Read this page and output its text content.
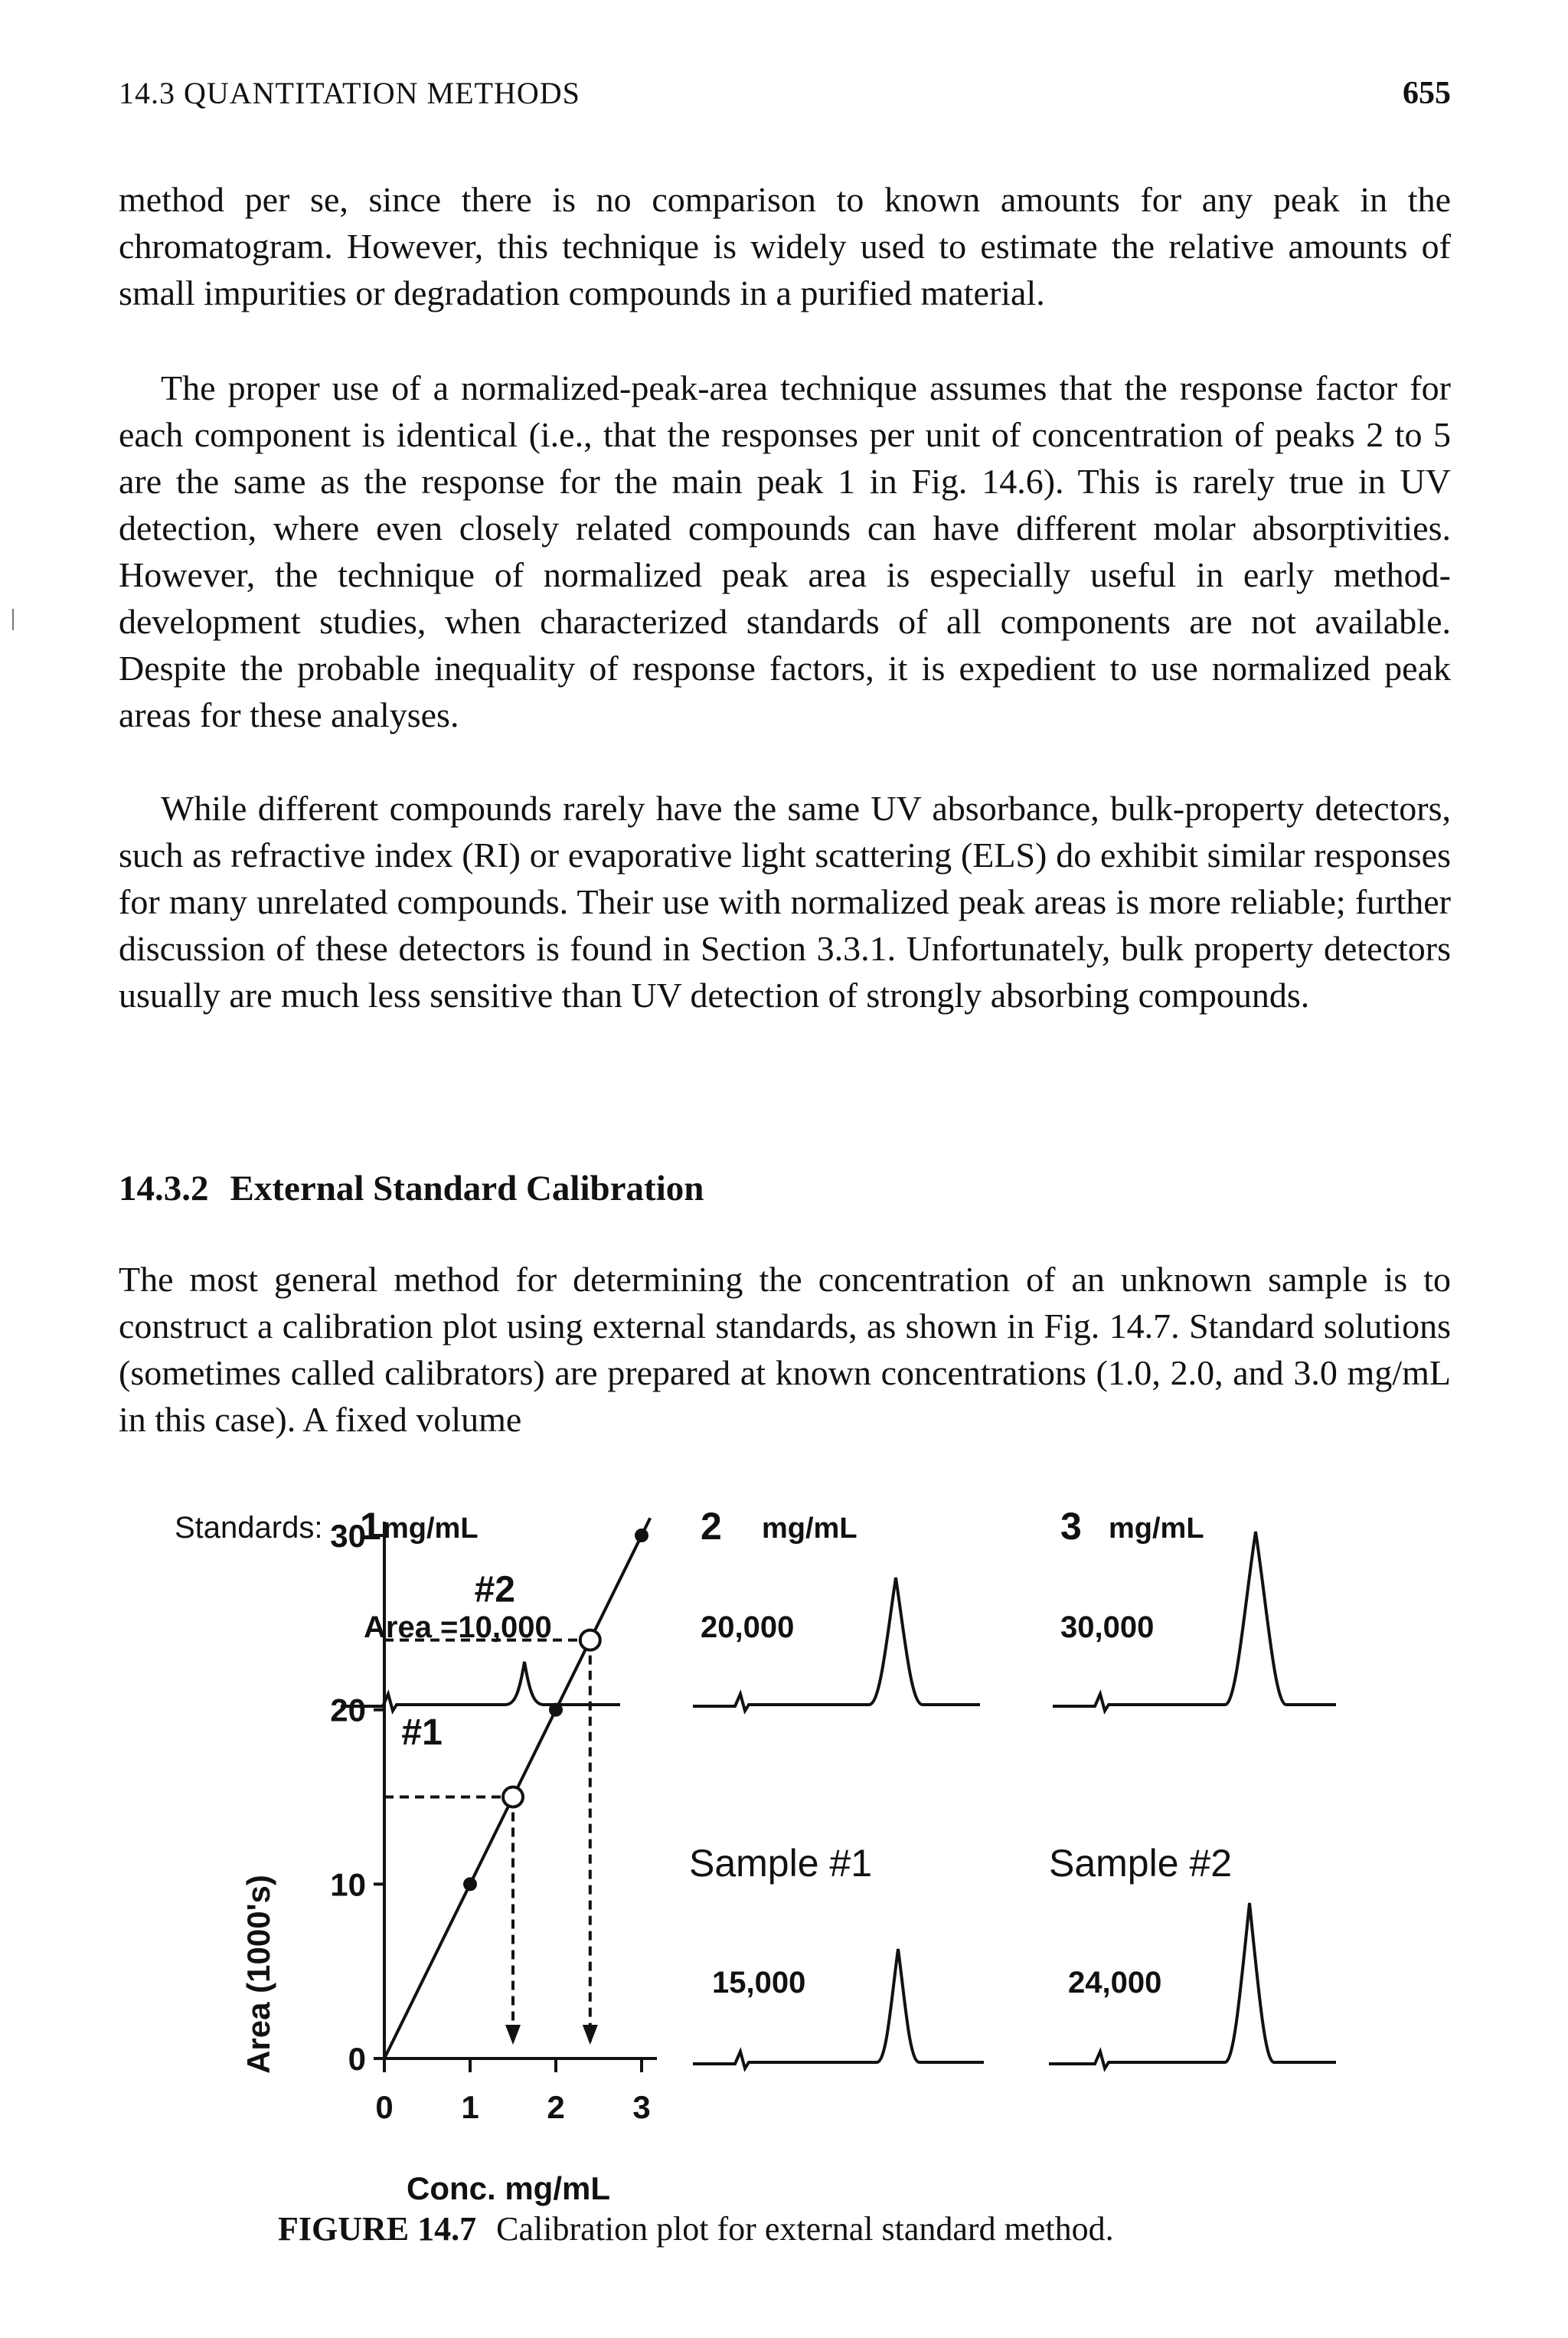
14.3 QUANTITATION METHODS	655

method per se, since there is no comparison to known amounts for any peak in the chromatogram. However, this technique is widely used to estimate the relative amounts of small impurities or degradation compounds in a purified material.

The proper use of a normalized-peak-area technique assumes that the response factor for each component is identical (i.e., that the responses per unit of concentration of peaks 2 to 5 are the same as the response for the main peak 1 in Fig. 14.6). This is rarely true in UV detection, where even closely related compounds can have different molar absorptivities. However, the technique of normalized peak area is especially useful in early method-development studies, when characterized standards of all components are not available. Despite the probable inequality of response factors, it is expedient to use normalized peak areas for these analyses.

While different compounds rarely have the same UV absorbance, bulk-property detectors, such as refractive index (RI) or evaporative light scattering (ELS) do exhibit similar responses for many unrelated compounds. Their use with normalized peak areas is more reliable; further discussion of these detectors is found in Section 3.3.1. Unfortunately, bulk property detectors usually are much less sensitive than UV detection of strongly absorbing compounds.

14.3.2 External Standard Calibration

The most general method for determining the concentration of an unknown sample is to construct a calibration plot using external standards, as shown in Fig. 14.7. Standard solutions (sometimes called calibrators) are prepared at known concentrations (1.0, 2.0, and 3.0 mg/mL in this case). A fixed volume

Standards: 1 mg/mL	2 mg/mL	3 mg/mL
Area =10,000	20,000	30,000
Sample #1	Sample #2
15,000	24,000
Area (1000's)
Conc. mg/mL
0 1 2 3
0
10
20
30
#1
#2
FIGURE 14.7 Calibration plot for external standard method.
